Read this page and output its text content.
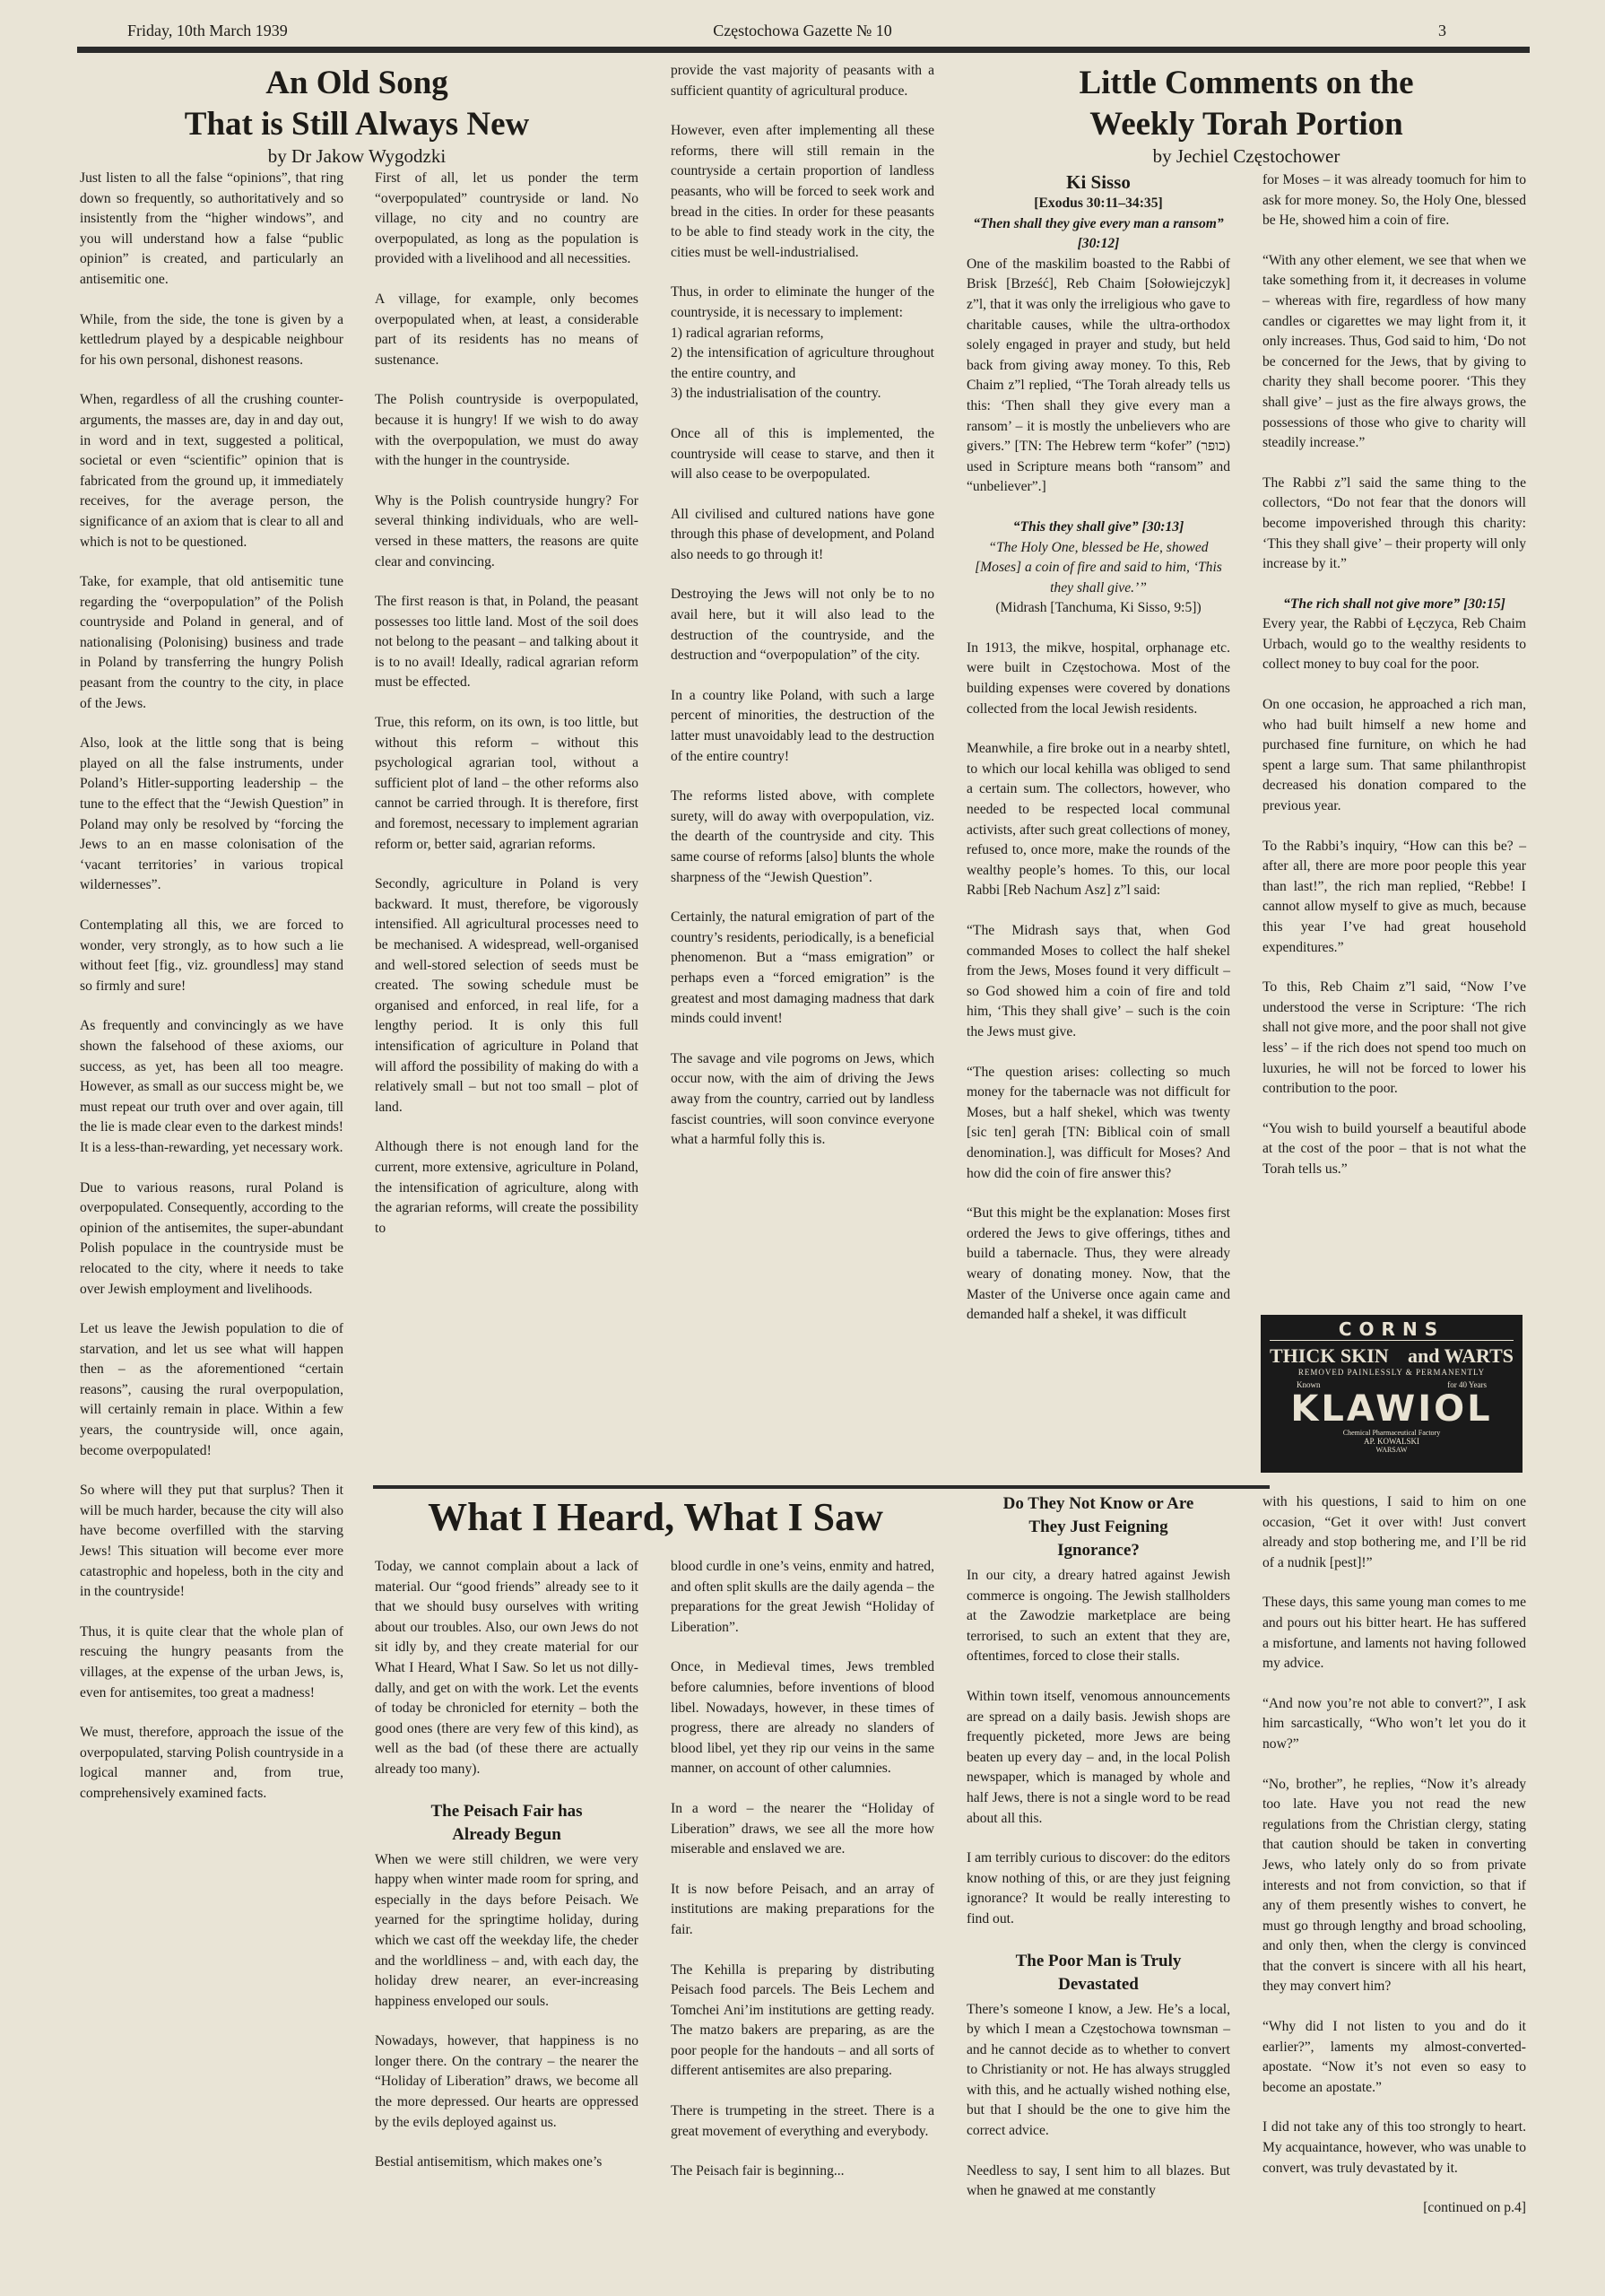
Friday, 10th March 1939	Częstochowa Gazette № 10	3
An Old Song
That is Still Always New
by Dr Jakow Wygodzki

Just listen to all the false “opinions”, that ring down so frequently, so authoritatively and so insistently from the “higher windows”, and you will understand how a false “public opinion” is created, and particularly an antisemitic one.

While, from the side, the tone is given by a kettledrum played by a despicable neighbour for his own personal, dishonest reasons.

When, regardless of all the crushing counter-arguments, the masses are, day in and day out, in word and in text, suggested a political, societal or even “scientific” opinion that is fabricated from the ground up, it immediately receives, for the average person, the significance of an axiom that is clear to all and which is not to be questioned.

Take, for example, that old antisemitic tune regarding the “overpopulation” of the Polish countryside and Poland in general, and of nationalising (Polonising) business and trade in Poland by transferring the hungry Polish peasant from the country to the city, in place of the Jews.

Also, look at the little song that is being played on all the false instruments, under Poland’s Hitler-supporting leadership – the tune to the effect that the “Jewish Question” in Poland may only be resolved by “forcing the Jews to an en masse colonisation of the ‘vacant territories’ in various tropical wildernesses”.

Contemplating all this, we are forced to wonder, very strongly, as to how such a lie without feet [fig., viz. groundless] may stand so firmly and sure!

As frequently and convincingly as we have shown the falsehood of these axioms, our success, as yet, has been all too meagre. However, as small as our success might be, we must repeat our truth over and over again, till the lie is made clear even to the darkest minds! It is a less-than-rewarding, yet necessary work.

Due to various reasons, rural Poland is overpopulated. Consequently, according to the opinion of the antisemites, the super-abundant Polish populace in the countryside must be relocated to the city, where it needs to take over Jewish employment and livelihoods.

Let us leave the Jewish population to die of starvation, and let us see what will happen then – as the aforementioned “certain reasons”, causing the rural overpopulation, will certainly remain in place. Within a few years, the countryside will, once again, become overpopulated!

So where will they put that surplus? Then it will be much harder, because the city will also have become overfilled with the starving Jews! This situation will become ever more catastrophic and hopeless, both in the city and in the countryside!

Thus, it is quite clear that the whole plan of rescuing the hungry peasants from the villages, at the expense of the urban Jews, is, even for antisemites, too great a madness!

We must, therefore, approach the issue of the overpopulated, starving Polish countryside in a logical manner and, from true, comprehensively examined facts.

First of all, let us ponder the term “overpopulated” countryside or land. No village, no city and no country are overpopulated, as long as the population is provided with a livelihood and all necessities.

A village, for example, only becomes overpopulated when, at least, a considerable part of its residents has no means of sustenance.

The Polish countryside is overpopulated, because it is hungry! If we wish to do away with the overpopulation, we must do away with the hunger in the countryside.

Why is the Polish countryside hungry? For several thinking individuals, who are well-versed in these matters, the reasons are quite clear and convincing.

The first reason is that, in Poland, the peasant possesses too little land. Most of the soil does not belong to the peasant – and talking about it is to no avail! Ideally, radical agrarian reform must be effected.

True, this reform, on its own, is too little, but without this reform – without this psychological agrarian tool, without a sufficient plot of land – the other reforms also cannot be carried through. It is therefore, first and foremost, necessary to implement agrarian reform or, better said, agrarian reforms.

Secondly, agriculture in Poland is very backward. It must, therefore, be vigorously intensified. All agricultural processes need to be mechanised. A widespread, well-organised and well-stored selection of seeds must be created. The sowing schedule must be organised and enforced, in real life, for a lengthy period. It is only this full intensification of agriculture in Poland that will afford the possibility of making do with a relatively small – but not too small – plot of land.

Although there is not enough land for the current, more extensive, agriculture in Poland, the intensification of agriculture, along with the agrarian reforms, will create the possibility to

provide the vast majority of peasants with a sufficient quantity of agricultural produce.

However, even after implementing all these reforms, there will still remain in the countryside a certain proportion of landless peasants, who will be forced to seek work and bread in the cities. In order for these peasants to be able to find steady work in the city, the cities must be well-industrialised.

Thus, in order to eliminate the hunger of the countryside, it is necessary to implement:

1) radical agrarian reforms,

2) the intensification of agriculture throughout the entire country, and

3) the industrialisation of the country.

Once all of this is implemented, the countryside will cease to starve, and then it will also cease to be overpopulated.

All civilised and cultured nations have gone through this phase of development, and Poland also needs to go through it!

Destroying the Jews will not only be to no avail here, but it will also lead to the destruction of the countryside, and the destruction and “overpopulation” of the city.

In a country like Poland, with such a large percent of minorities, the destruction of the latter must unavoidably lead to the destruction of the entire country!

The reforms listed above, with complete surety, will do away with overpopulation, viz. the dearth of the countryside and city. This same course of reforms [also] blunts the whole sharpness of the “Jewish Question”.

Certainly, the natural emigration of part of the country’s residents, periodically, is a beneficial phenomenon. But a “mass emigration” or perhaps even a “forced emigration” is the greatest and most damaging madness that dark minds could invent!

The savage and vile pogroms on Jews, which occur now, with the aim of driving the Jews away from the country, carried out by landless fascist countries, will soon convince everyone what a harmful folly this is.

Little Comments on the
Weekly Torah Portion
by Jechiel Częstochower
Ki Sisso
[Exodus 30:11–34:35]
“Then shall they give every man a ransom” [30:12]

One of the maskilim boasted to the Rabbi of Brisk [Brześć], Reb Chaim [Sołowiejczyk] z”l, that it was only the irreligious who gave to charitable causes, while the ultra-orthodox solely engaged in prayer and study, but held back from giving away money. To this, Reb Chaim z”l replied, “The Torah already tells us this: ‘Then shall they give every man a ransom’ – it is mostly the unbelievers who are givers.” [TN: The Hebrew term “kofer” (כופר) used in Scripture means both “ransom” and “unbeliever”.]

“This they shall give” [30:13]
“The Holy One, blessed be He, showed [Moses] a coin of fire and said to him, ‘This they shall give.’”
(Midrash [Tanchuma, Ki Sisso, 9:5])

In 1913, the mikve, hospital, orphanage etc. were built in Częstochowa. Most of the building expenses were covered by donations collected from the local Jewish residents.

Meanwhile, a fire broke out in a nearby shtetl, to which our local kehilla was obliged to send a certain sum. The collectors, however, who needed to be respected local communal activists, after such great collections of money, refused to, once more, make the rounds of the wealthy people’s homes. To this, our local Rabbi [Reb Nachum Asz] z”l said:

“The Midrash says that, when God commanded Moses to collect the half shekel from the Jews, Moses found it very difficult – so God showed him a coin of fire and told him, ‘This they shall give’ – such is the coin the Jews must give.

“The question arises: collecting so much money for the tabernacle was not difficult for Moses, but a half shekel, which was twenty [sic ten] gerah [TN: Biblical coin of small denomination.], was difficult for Moses? And how did the coin of fire answer this?

“But this might be the explanation: Moses first ordered the Jews to give offerings, tithes and build a tabernacle. Thus, they were already weary of donating money. Now, that the Master of the Universe once again came and demanded half a shekel, it was difficult

for Moses – it was already toomuch for him to ask for more money. So, the Holy One, blessed be He, showed him a coin of fire.

“With any other element, we see that when we take something from it, it decreases in volume – whereas with fire, regardless of how many candles or cigarettes we may light from it, it only increases. Thus, God said to him, ‘Do not be concerned for the Jews, that by giving to charity they shall become poorer. ‘This they shall give’ – just as the fire always grows, the possessions of those who give to charity will steadily increase.”

The Rabbi z”l said the same thing to the collectors, “Do not fear that the donors will become impoverished through this charity: ‘This they shall give’ – their property will only increase by it.”

“The rich shall not give more” [30:15]

Every year, the Rabbi of Łęczyca, Reb Chaim Urbach, would go to the wealthy residents to collect money to buy coal for the poor.

On one occasion, he approached a rich man, who had built himself a new home and purchased fine furniture, on which he had spent a large sum. That same philanthropist decreased his donation compared to the previous year.

To the Rabbi’s inquiry, “How can this be? – after all, there are more poor people this year than last!”, the rich man replied, “Rebbe! I cannot allow myself to give as much, because this year I’ve had great household expenditures.”

To this, Reb Chaim z”l said, “Now I’ve understood the verse in Scripture: ‘The rich shall not give more, and the poor shall not give less’ – if the rich does not spend too much on luxuries, he will not be forced to lower his contribution to the poor.

“You wish to build yourself a beautiful abode at the cost of the poor – that is not what the Torah tells us.”

CORNS
THICK SKIN and WARTS
REMOVED PAINLESSLY & PERMANENTLY
Known	for 40 Years
KLAWIOL
Chemical Pharmaceutical Factory
AP. KOWALSKI
WARSAW
What I Heard, What I Saw

Today, we cannot complain about a lack of material. Our “good friends” already see to it that we should busy ourselves with writing about our troubles. Also, our own Jews do not sit idly by, and they create material for our What I Heard, What I Saw. So let us not dilly-dally, and get on with the work. Let the events of today be chronicled for eternity – both the good ones (there are very few of this kind), as well as the bad (of these there are actually already too many).

The Peisach Fair has Already Begun

When we were still children, we were very happy when winter made room for spring, and especially in the days before Peisach. We yearned for the springtime holiday, during which we cast off the weekday life, the cheder and the worldliness – and, with each day, the holiday drew nearer, an ever-increasing happiness enveloped our souls.

Nowadays, however, that happiness is no longer there. On the contrary – the nearer the “Holiday of Liberation” draws, we become all the more depressed. Our hearts are oppressed by the evils deployed against us.

Bestial antisemitism, which makes one’s

blood curdle in one’s veins, enmity and hatred, and often split skulls are the daily agenda – the preparations for the great Jewish “Holiday of Liberation”.

Once, in Medieval times, Jews trembled before calumnies, before inventions of blood libel. Nowadays, however, in these times of progress, there are already no slanders of blood libel, yet they rip our veins in the same manner, on account of other calumnies.

In a word – the nearer the “Holiday of Liberation” draws, we see all the more how miserable and enslaved we are.

It is now before Peisach, and an array of institutions are making preparations for the fair.

The Kehilla is preparing by distributing Peisach food parcels. The Beis Lechem and Tomchei Ani’im institutions are getting ready. The matzo bakers are preparing, as are the poor people for the handouts – and all sorts of different antisemites are also preparing.

There is trumpeting in the street. There is a great movement of everything and everybody.

The Peisach fair is beginning...

Do They Not Know or Are They Just Feigning Ignorance?

In our city, a dreary hatred against Jewish commerce is ongoing. The Jewish stallholders at the Zawodzie marketplace are being terrorised, to such an extent that they are, oftentimes, forced to close their stalls.

Within town itself, venomous announcements are spread on a daily basis. Jewish shops are frequently picketed, more Jews are being beaten up every day – and, in the local Polish newspaper, which is managed by whole and half Jews, there is not a single word to be read about all this.

I am terribly curious to discover: do the editors know nothing of this, or are they just feigning ignorance? It would be really interesting to find out.

The Poor Man is Truly Devastated

There’s someone I know, a Jew. He’s a local, by which I mean a Częstochowa townsman – and he cannot decide as to whether to convert to Christianity or not. He has always struggled with this, and he actually wished nothing else, but that I should be the one to give him the correct advice.

Needless to say, I sent him to all blazes. But when he gnawed at me constantly

with his questions, I said to him on one occasion, “Get it over with! Just convert already and stop bothering me, and I’ll be rid of a nudnik [pest]!”

These days, this same young man comes to me and pours out his bitter heart. He has suffered a misfortune, and laments not having followed my advice.

“And now you’re not able to convert?”, I ask him sarcastically, “Who won’t let you do it now?”

“No, brother”, he replies, “Now it’s already too late. Have you not read the new regulations from the Christian clergy, stating that caution should be taken in converting Jews, who lately only do so from private interests and not from conviction, so that if any of them presently wishes to convert, he must go through lengthy and broad schooling, and only then, when the clergy is convinced that the convert is sincere with all his heart, they may convert him?

“Why did I not listen to you and do it earlier?”, laments my almost-converted-apostate. “Now it’s not even so easy to become an apostate.”

I did not take any of this too strongly to heart. My acquaintance, however, who was unable to convert, was truly devastated by it.

[continued on p.4]
